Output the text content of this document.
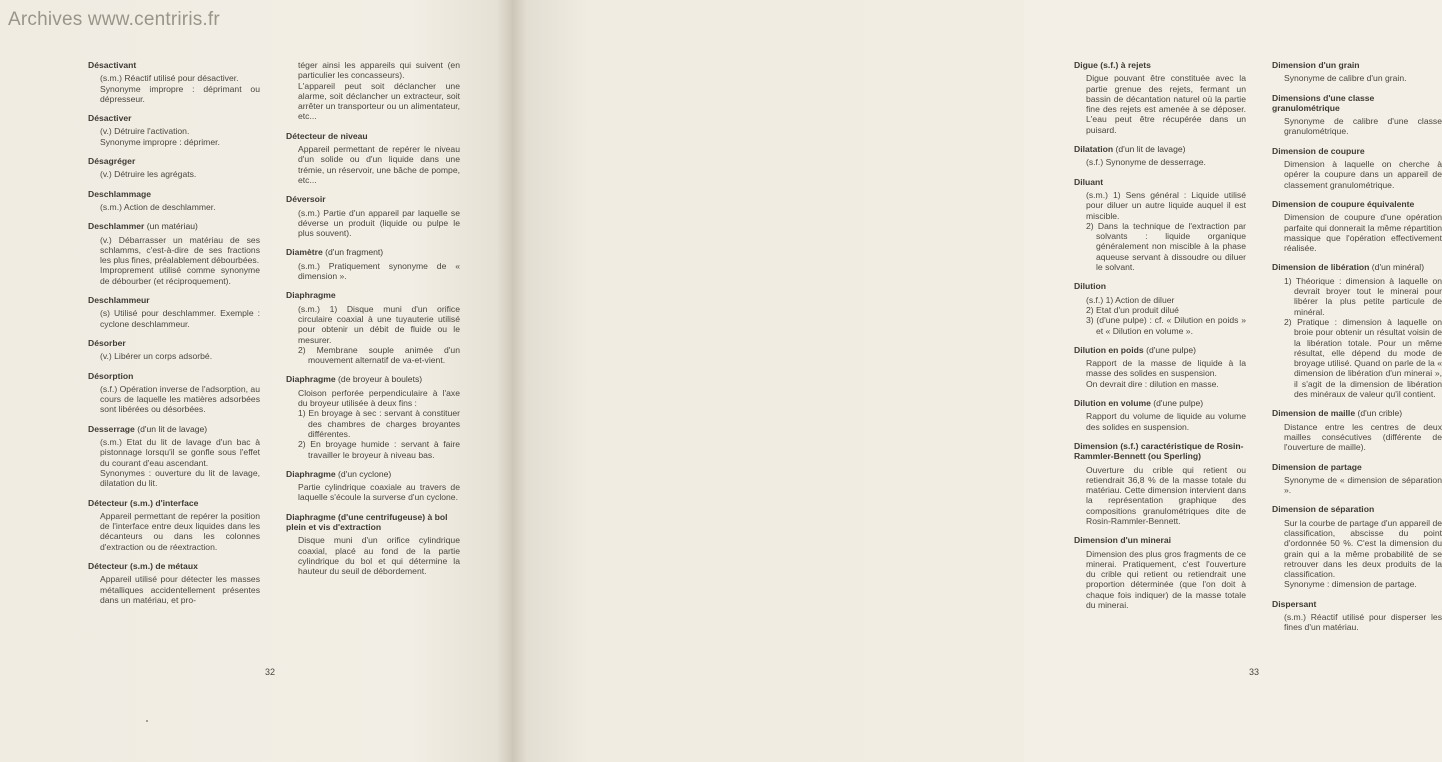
Désactivant

(s.m.) Réactif utilisé pour désactiver.

Synonyme impropre : déprimant ou dépresseur.

Désactiver

(v.) Détruire l'activation.

Synonyme impropre : déprimer.

Désagréger

(v.) Détruire les agrégats.

Deschlammage

(s.m.) Action de deschlammer.

Deschlammer (un matériau)

(v.) Débarrasser un matériau de ses schlamms, c'est-à-dire de ses fractions les plus fines, préalablement débourbées.

Improprement utilisé comme synonyme de débourber (et réciproquement).

Deschlammeur

(s) Utilisé pour deschlammer. Exemple : cyclone deschlammeur.

Désorber

(v.) Libérer un corps adsorbé.

Désorption

(s.f.) Opération inverse de l'adsorption, au cours de laquelle les matières adsorbées sont libérées ou désorbées.

Desserrage (d'un lit de lavage)

(s.m.) Etat du lit de lavage d'un bac à pistonnage lorsqu'il se gonfle sous l'effet du courant d'eau ascendant.

Synonymes : ouverture du lit de lavage, dilatation du lit.

Détecteur (s.m.) d'interface

Appareil permettant de repérer la position de l'interface entre deux liquides dans les décanteurs ou dans les colonnes d'extraction ou de réextraction.

Détecteur (s.m.) de métaux

Appareil utilisé pour détecter les masses métalliques accidentellement présentes dans un matériau, et pro-

téger ainsi les appareils qui suivent (en particulier les concasseurs).

L'appareil peut soit déclancher une alarme, soit déclancher un extracteur, soit arrêter un transporteur ou un alimentateur, etc...

Détecteur de niveau

Appareil permettant de repérer le niveau d'un solide ou d'un liquide dans une trémie, un réservoir, une bâche de pompe, etc...

Déversoir

(s.m.) Partie d'un appareil par laquelle se déverse un produit (liquide ou pulpe le plus souvent).

Diamètre (d'un fragment)

(s.m.) Pratiquement synonyme de « dimension ».

Diaphragme

(s.m.) 1) Disque muni d'un orifice circulaire coaxial à une tuyauterie utilisé pour obtenir un débit de fluide ou le mesurer.

2) Membrane souple animée d'un mouvement alternatif de va-et-vient.

Diaphragme (de broyeur à boulets)

Cloison perforée perpendiculaire à l'axe du broyeur utilisée à deux fins :

1) En broyage à sec : servant à constituer des chambres de charges broyantes différentes.

2) En broyage humide : servant à faire travailler le broyeur à niveau bas.

Diaphragme (d'un cyclone)

Partie cylindrique coaxiale au travers de laquelle s'écoule la surverse d'un cyclone.

Diaphragme (d'une centrifugeuse) à bol plein et vis d'extraction

Disque muni d'un orifice cylindrique coaxial, placé au fond de la partie cylindrique du bol et qui détermine la hauteur du seuil de débordement.

32
Digue (s.f.) à rejets

Digue pouvant être constituée avec la partie grenue des rejets, fermant un bassin de décantation naturel où la partie fine des rejets est amenée à se déposer. L'eau peut être récupérée dans un puisard.

Dilatation (d'un lit de lavage)

(s.f.) Synonyme de desserrage.

Diluant

(s.m.) 1) Sens général : Liquide utilisé pour diluer un autre liquide auquel il est miscible.

2) Dans la technique de l'extraction par solvants : liquide organique généralement non miscible à la phase aqueuse servant à dissoudre ou diluer le solvant.

Dilution

(s.f.) 1) Action de diluer

2) Etat d'un produit dilué

3) (d'une pulpe) : cf. « Dilution en poids » et « Dilution en volume ».

Dilution en poids (d'une pulpe)

Rapport de la masse de liquide à la masse des solides en suspension.

On devrait dire : dilution en masse.

Dilution en volume (d'une pulpe)

Rapport du volume de liquide au volume des solides en suspension.

Dimension (s.f.) caractéristique de Rosin-Rammler-Bennett (ou Sperling)

Ouverture du crible qui retient ou retiendrait 36,8 % de la masse totale du matériau. Cette dimension intervient dans la représentation graphique des compositions granulométriques dite de Rosin-Rammler-Bennett.

Dimension d'un minerai

Dimension des plus gros fragments de ce minerai. Pratiquement, c'est l'ouverture du crible qui retient ou retiendrait une proportion déterminée (que l'on doit à chaque fois indiquer) de la masse totale du minerai.

Dimension d'un grain

Synonyme de calibre d'un grain.

Dimensions d'une classe granulométrique

Synonyme de calibre d'une classe granulométrique.

Dimension de coupure

Dimension à laquelle on cherche à opérer la coupure dans un appareil de classement granulométrique.

Dimension de coupure équivalente

Dimension de coupure d'une opération parfaite qui donnerait la même répartition massique que l'opération effectivement réalisée.

Dimension de libération (d'un minéral)

1) Théorique : dimension à laquelle on devrait broyer tout le minerai pour libérer la plus petite particule de minéral.

2) Pratique : dimension à laquelle on broie pour obtenir un résultat voisin de la libération totale. Pour un même résultat, elle dépend du mode de broyage utilisé. Quand on parle de la « dimension de libération d'un minerai », il s'agit de la dimension de libération des minéraux de valeur qu'il contient.

Dimension de maille (d'un crible)

Distance entre les centres de deux mailles consécutives (différente de l'ouverture de maille).

Dimension de partage

Synonyme de « dimension de séparation ».

Dimension de séparation

Sur la courbe de partage d'un appareil de classification, abscisse du point d'ordonnée 50 %. C'est la dimension du grain qui a la même probabilité de se retrouver dans les deux produits de la classification.

Synonyme : dimension de partage.

Dispersant

(s.m.) Réactif utilisé pour disperser les fines d'un matériau.

33
Archives www.centriris.fr
